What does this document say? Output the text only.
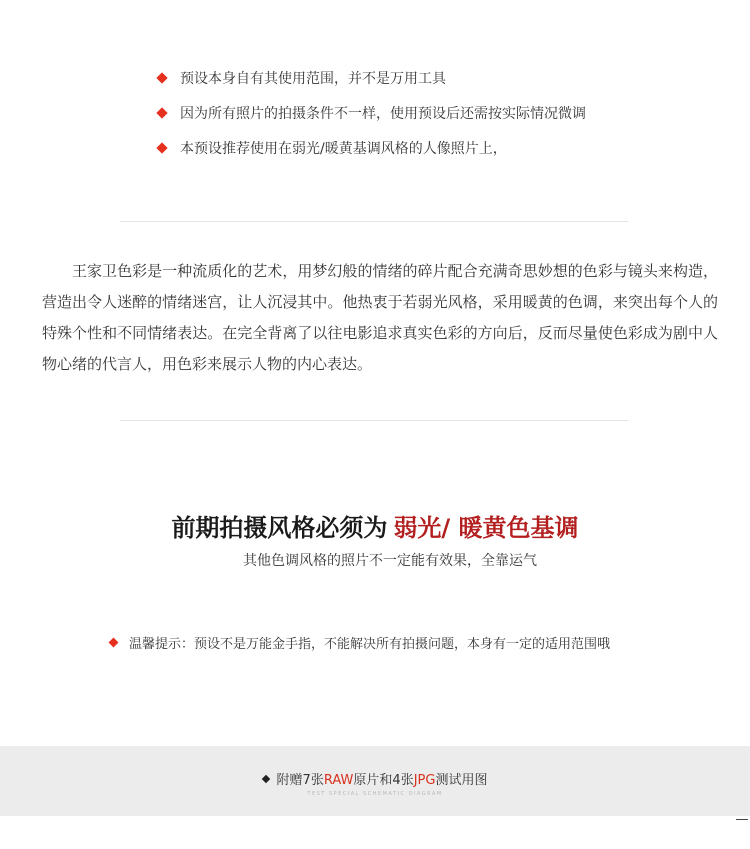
预设本身自有其使用范围，并不是万用工具
因为所有照片的拍摄条件不一样，使用预设后还需按实际情况微调
本预设推荐使用在弱光/暖黄基调风格的人像照片上，

王家卫色彩是一种流质化的艺术，用梦幻般的情绪的碎片配合充满奇思妙想的色彩与镜头来构造，营造出令人迷醉的情绪迷宫，让人沉浸其中。他热衷于若弱光风格，采用暖黄的色调，来突出每个人的特殊个性和不同情绪表达。在完全背离了以往电影追求真实色彩的方向后，反而尽量使色彩成为剧中人物心绪的代言人，用色彩来展示人物的内心表达。

前期拍摄风格必须为 弱光/ 暖黄色基调
其他色调风格的照片不一定能有效果，全靠运气
温馨提示：预设不是万能金手指，不能解决所有拍摄问题，本身有一定的适用范围哦
附赠7张RAW原片和4张JPG测试用图
TEST SPECIAL SCHEMATIC DIAGRAM
